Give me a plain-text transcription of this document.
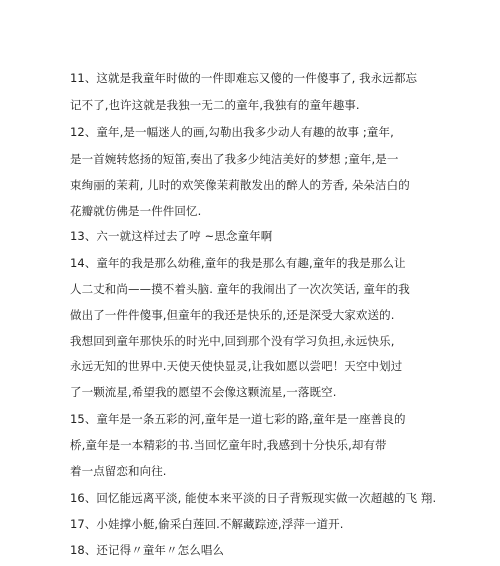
11、这就是我童年时做的一件即难忘又傻的一件傻事了, 我永远都忘
记不了,也许这就是我独一无二的童年,我独有的童年趣事.
12、童年,是一幅迷人的画,勾勒出我多少动人有趣的故事 ;童年,
是一首婉转悠扬的短笛,奏出了我多少纯洁美好的梦想 ;童年,是一
束绚丽的茉莉, 儿时的欢笑像茉莉散发出的醉人的芳香, 朵朵洁白的
花瓣就仿佛是一件件回忆.
13、六一就这样过去了哼 ~思念童年啊
14、童年的我是那么幼稚,童年的我是那么有趣,童年的我是那么让
人二丈和尚——摸不着头脑. 童年的我闹出了一次次笑话, 童年的我
做出了一件件傻事,但童年的我还是快乐的,还是深受大家欢送的.
我想回到童年那快乐的时光中,回到那个没有学习负担,永远快乐,
永远无知的世界中.天使天使快显灵,让我如愿以尝吧！天空中划过
了一颗流星,希望我的愿望不会像这颗流星,一落既空.
15、童年是一条五彩的河,童年是一道七彩的路,童年是一座善良的
桥,童年是一本精彩的书.当回忆童年时,我感到十分快乐,却有带
着一点留恋和向往.
16、回忆能远离平淡, 能使本来平淡的日子背叛现实做一次超越的飞 翔.
17、小娃撑小艇,偷采白莲回.不解藏踪迹,浮萍一道开.
18、还记得〃童年〃怎么唱么
